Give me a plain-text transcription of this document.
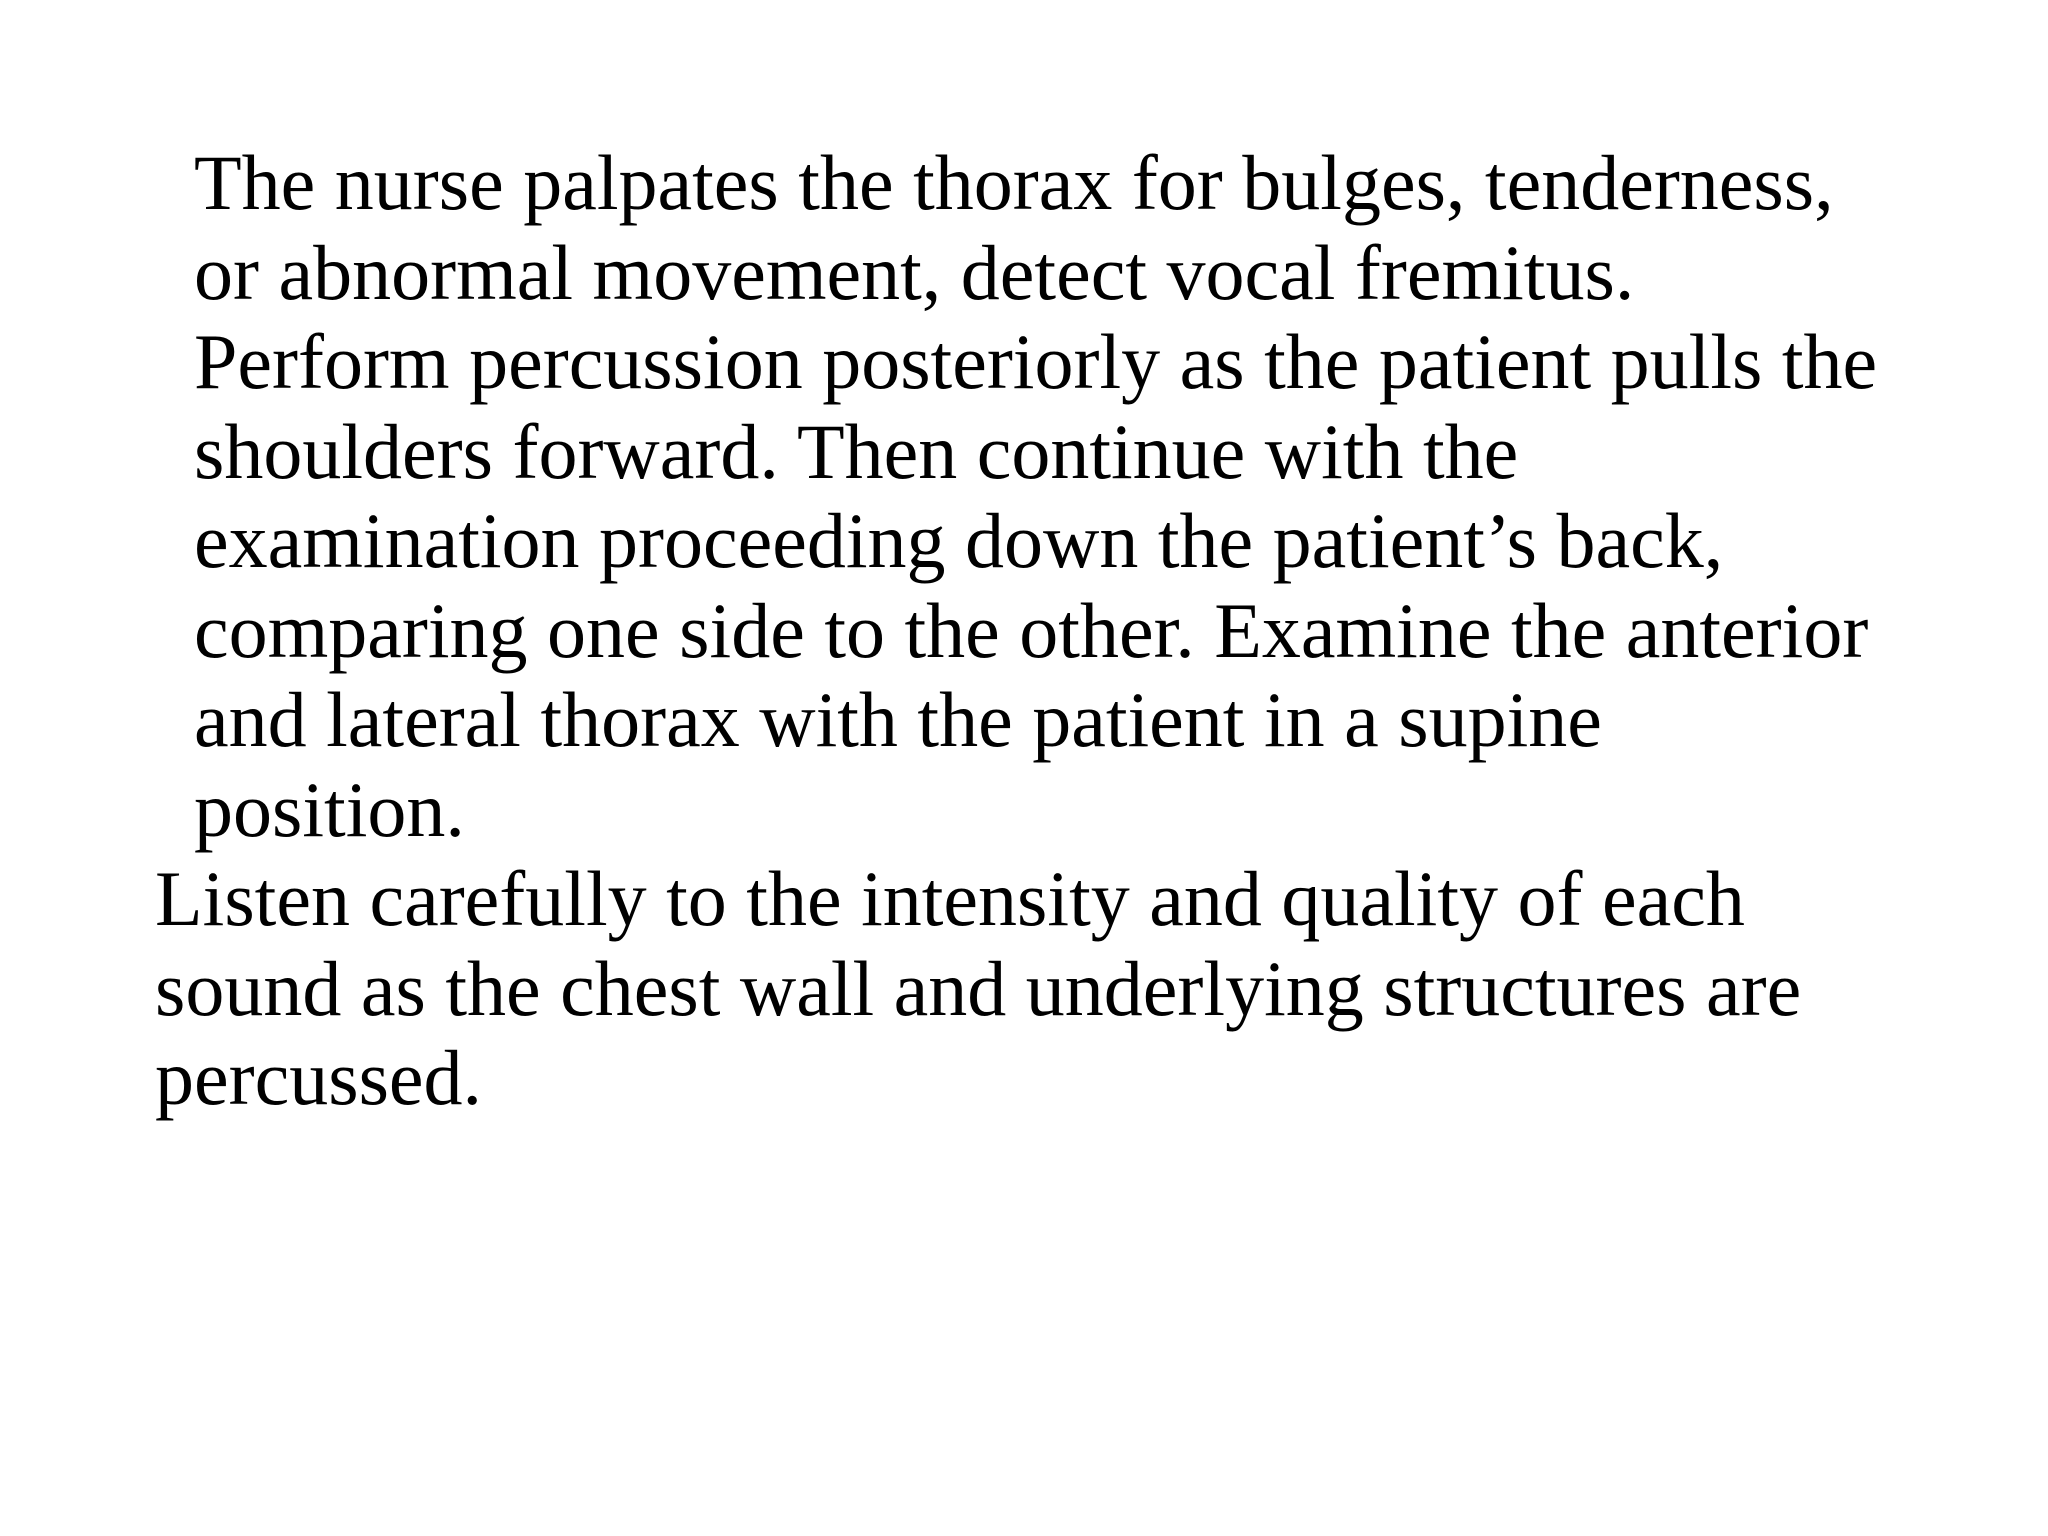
The nurse palpates the thorax for bulges, tenderness,
or abnormal movement, detect vocal fremitus.
Perform percussion posteriorly as the patient pulls the
shoulders forward. Then continue with the
examination proceeding down the patient’s back,
comparing one side to the other. Examine the anterior
and lateral thorax with the patient in a supine
position.

Listen carefully to the intensity and quality of each
sound as the chest wall and underlying structures are
percussed.
